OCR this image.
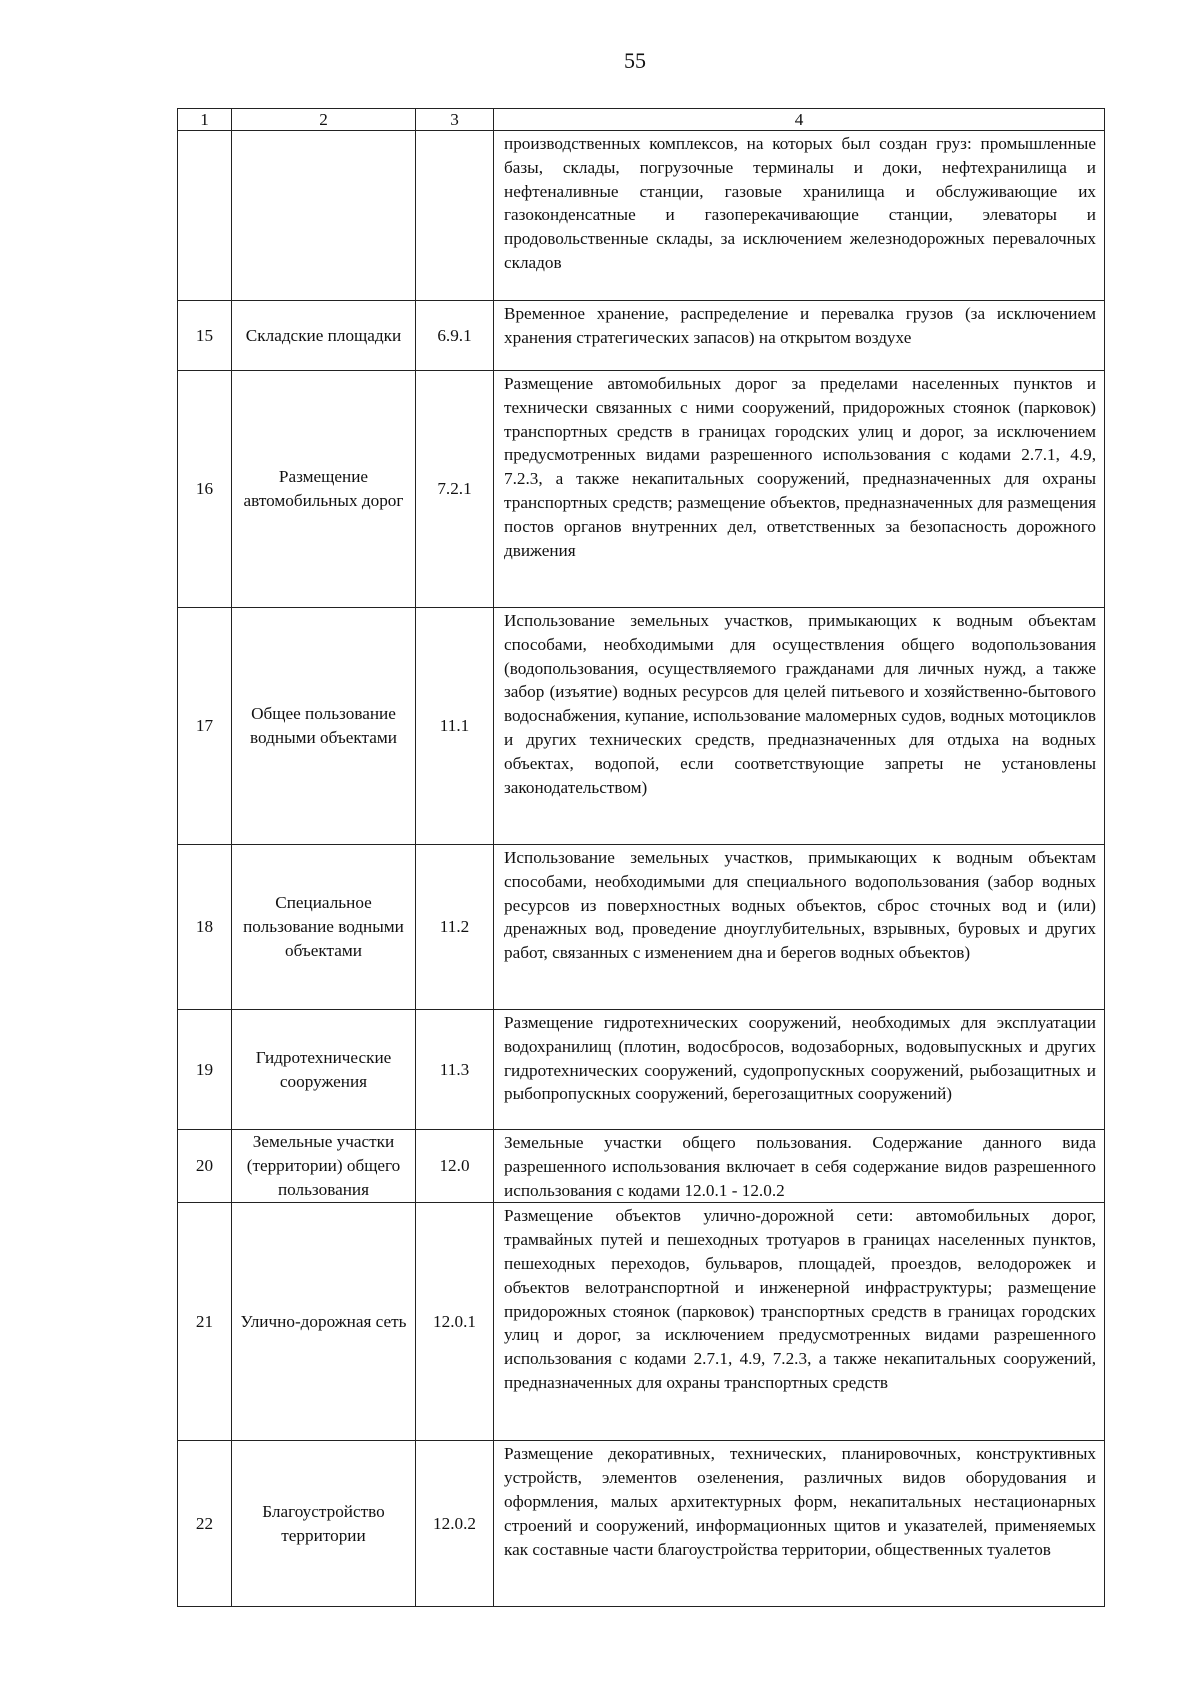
55
1	2	3	4
			производственных комплексов, на которых был создан груз: промышленные базы, склады, погрузочные терминалы и доки, нефтехранилища и нефтеналивные станции, газовые хранилища и обслуживающие их газоконденсатные и газоперекачивающие станции, элеваторы и продовольственные склады, за исключением железнодорожных перевалочных складов
15	Складские площадки	6.9.1	Временное хранение, распределение и перевалка грузов (за исключением хранения стратегических запасов) на открытом воздухе
16	Размещение автомобильных дорог	7.2.1	Размещение автомобильных дорог за пределами населенных пунктов и технически связанных с ними сооружений, придорожных стоянок (парковок) транспортных средств в границах городских улиц и дорог, за исключением предусмотренных видами разрешенного использования с кодами 2.7.1, 4.9, 7.2.3, а также некапитальных сооружений, предназначенных для охраны транспортных средств; размещение объектов, предназначенных для размещения постов органов внутренних дел, ответственных за безопасность дорожного движения
17	Общее пользование водными объектами	11.1	Использование земельных участков, примыкающих к водным объектам способами, необходимыми для осуществления общего водопользования (водопользования, осуществляемого гражданами для личных нужд, а также забор (изъятие) водных ресурсов для целей питьевого и хозяйственно-бытового водоснабжения, купание, использование маломерных судов, водных мотоциклов и других технических средств, предназначенных для отдыха на водных объектах, водопой, если соответствующие запреты не установлены законодательством)
18	Специальное пользование водными объектами	11.2	Использование земельных участков, примыкающих к водным объектам способами, необходимыми для специального водопользования (забор водных ресурсов из поверхностных водных объектов, сброс сточных вод и (или) дренажных вод, проведение дноуглубительных, взрывных, буровых и других работ, связанных с изменением дна и берегов водных объектов)
19	Гидротехнические сооружения	11.3	Размещение гидротехнических сооружений, необходимых для эксплуатации водохранилищ (плотин, водосбросов, водозаборных, водовыпускных и других гидротехнических сооружений, судопропускных сооружений, рыбозащитных и рыбопропускных сооружений, берегозащитных сооружений)
20	Земельные участки (территории) общего пользования	12.0	Земельные участки общего пользования. Содержание данного вида разрешенного использования включает в себя содержание видов разрешенного использования с кодами 12.0.1 - 12.0.2
21	Улично-дорожная сеть	12.0.1	Размещение объектов улично-дорожной сети: автомобильных дорог, трамвайных путей и пешеходных тротуаров в границах населенных пунктов, пешеходных переходов, бульваров, площадей, проездов, велодорожек и объектов велотранспортной и инженерной инфраструктуры; размещение придорожных стоянок (парковок) транспортных средств в границах городских улиц и дорог, за исключением предусмотренных видами разрешенного использования с кодами 2.7.1, 4.9, 7.2.3, а также некапитальных сооружений, предназначенных для охраны транспортных средств
22	Благоустройство территории	12.0.2	Размещение декоративных, технических, планировочных, конструктивных устройств, элементов озеленения, различных видов оборудования и оформления, малых архитектурных форм, некапитальных нестационарных строений и сооружений, информационных щитов и указателей, применяемых как составные части благоустройства территории, общественных туалетов
